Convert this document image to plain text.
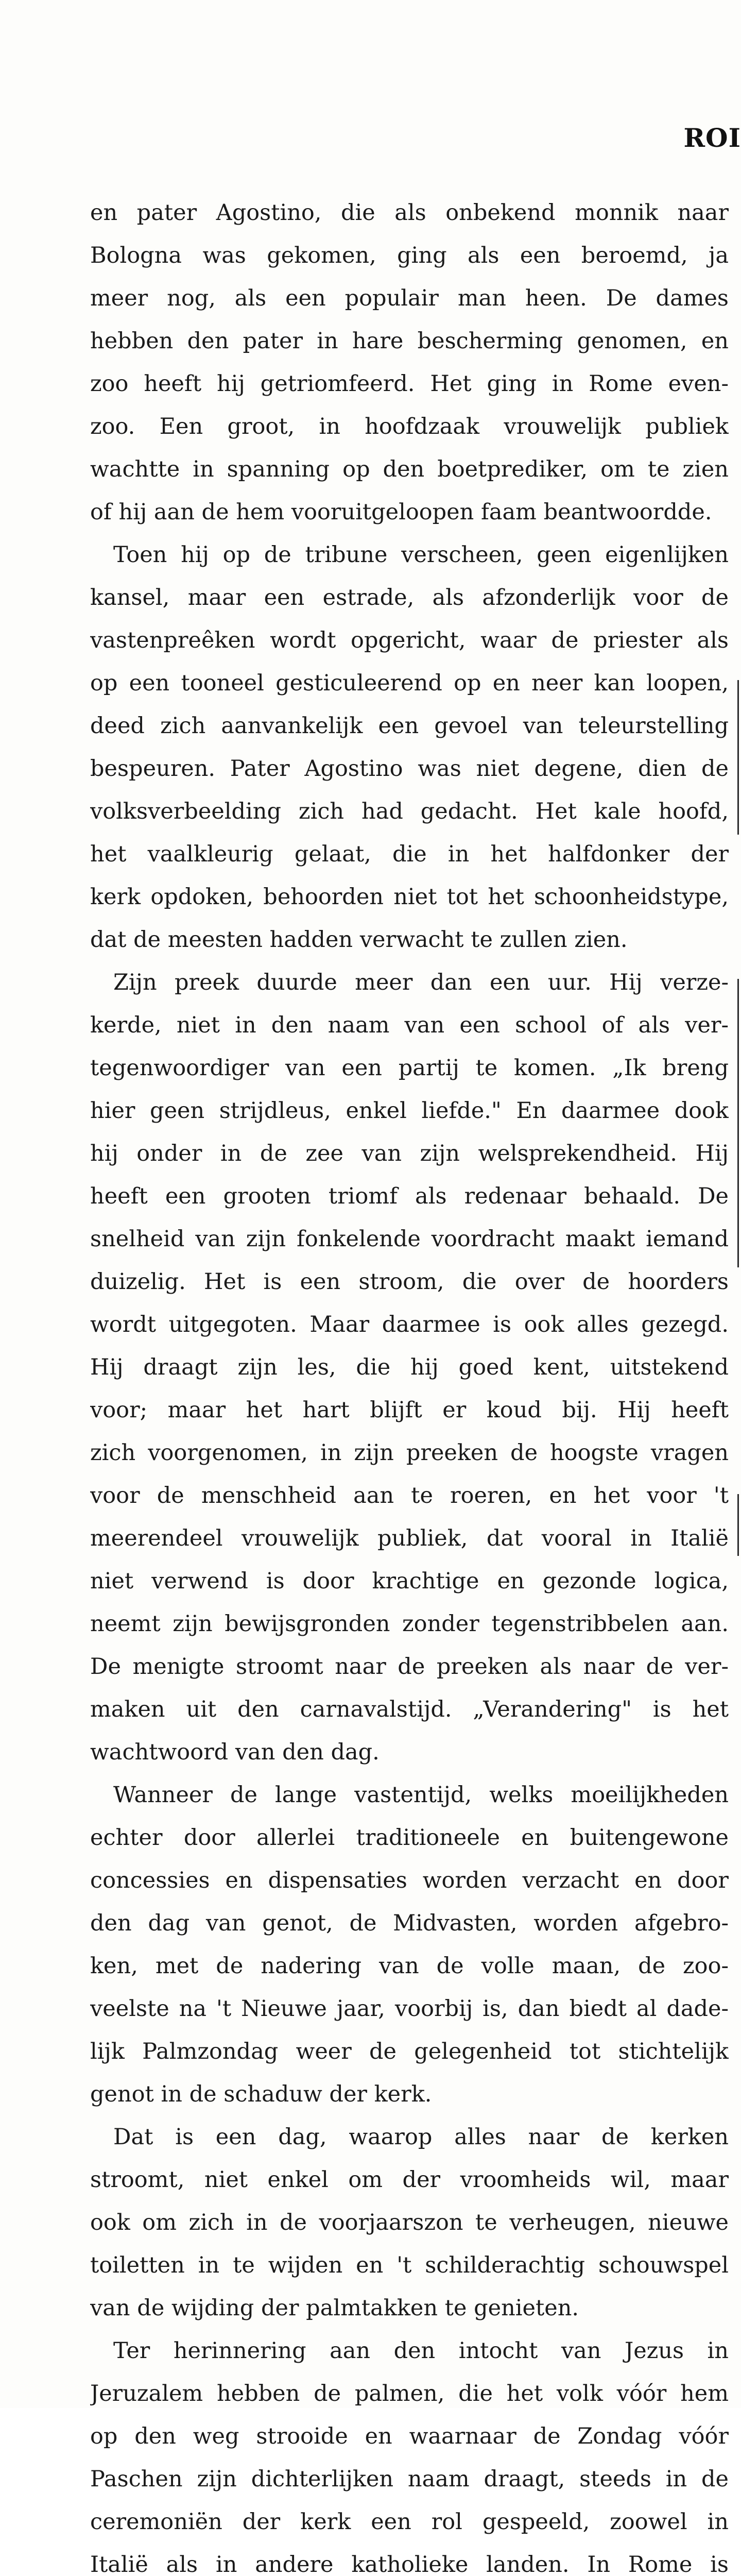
ROI
en pater Agostino, die als onbekend monnik naar
Bologna was gekomen, ging als een beroemd, ja
meer nog, als een populair man heen. De dames
hebben den pater in hare bescherming genomen, en
zoo heeft hij getriomfeerd. Het ging in Rome even-
zoo. Een groot, in hoofdzaak vrouwelijk publiek
wachtte in spanning op den boetprediker, om te zien
of hij aan de hem vooruitgeloopen faam beantwoordde.
Toen hij op de tribune verscheen, geen eigenlijken
kansel, maar een estrade, als afzonderlijk voor de
vastenpreêken wordt opgericht, waar de priester als
op een tooneel gesticuleerend op en neer kan loopen,
deed zich aanvankelijk een gevoel van teleurstelling
bespeuren. Pater Agostino was niet degene, dien de
volksverbeelding zich had gedacht. Het kale hoofd,
het vaalkleurig gelaat, die in het halfdonker der
kerk opdoken, behoorden niet tot het schoonheidstype,
dat de meesten hadden verwacht te zullen zien.
Zijn preek duurde meer dan een uur. Hij verze-
kerde, niet in den naam van een school of als ver-
tegenwoordiger van een partij te komen. „Ik breng
hier geen strijdleus, enkel liefde." En daarmee dook
hij onder in de zee van zijn welsprekendheid. Hij
heeft een grooten triomf als redenaar behaald. De
snelheid van zijn fonkelende voordracht maakt iemand
duizelig. Het is een stroom, die over de hoorders
wordt uitgegoten. Maar daarmee is ook alles gezegd.
Hij draagt zijn les, die hij goed kent, uitstekend
voor; maar het hart blijft er koud bij. Hij heeft
zich voorgenomen, in zijn preeken de hoogste vragen
voor de menschheid aan te roeren, en het voor 't
meerendeel vrouwelijk publiek, dat vooral in Italië
niet verwend is door krachtige en gezonde logica,
neemt zijn bewijsgronden zonder tegenstribbelen aan.
De menigte stroomt naar de preeken als naar de ver-
maken uit den carnavalstijd. „Verandering" is het
wachtwoord van den dag.
Wanneer de lange vastentijd, welks moeilijkheden
echter door allerlei traditioneele en buitengewone
concessies en dispensaties worden verzacht en door
den dag van genot, de Midvasten, worden afgebro-
ken, met de nadering van de volle maan, de zoo-
veelste na 't Nieuwe jaar, voorbij is, dan biedt al dade-
lijk Palmzondag weer de gelegenheid tot stichtelijk
genot in de schaduw der kerk.
Dat is een dag, waarop alles naar de kerken
stroomt, niet enkel om der vroomheids wil, maar
ook om zich in de voorjaarszon te verheugen, nieuwe
toiletten in te wijden en 't schilderachtig schouwspel
van de wijding der palmtakken te genieten.
Ter herinnering aan den intocht van Jezus in
Jeruzalem hebben de palmen, die het volk vóór hem
op den weg strooide en waarnaar de Zondag vóór
Paschen zijn dichterlijken naam draagt, steeds in de
ceremoniën der kerk een rol gespeeld, zoowel in
Italië als in andere katholieke landen. In Rome is
